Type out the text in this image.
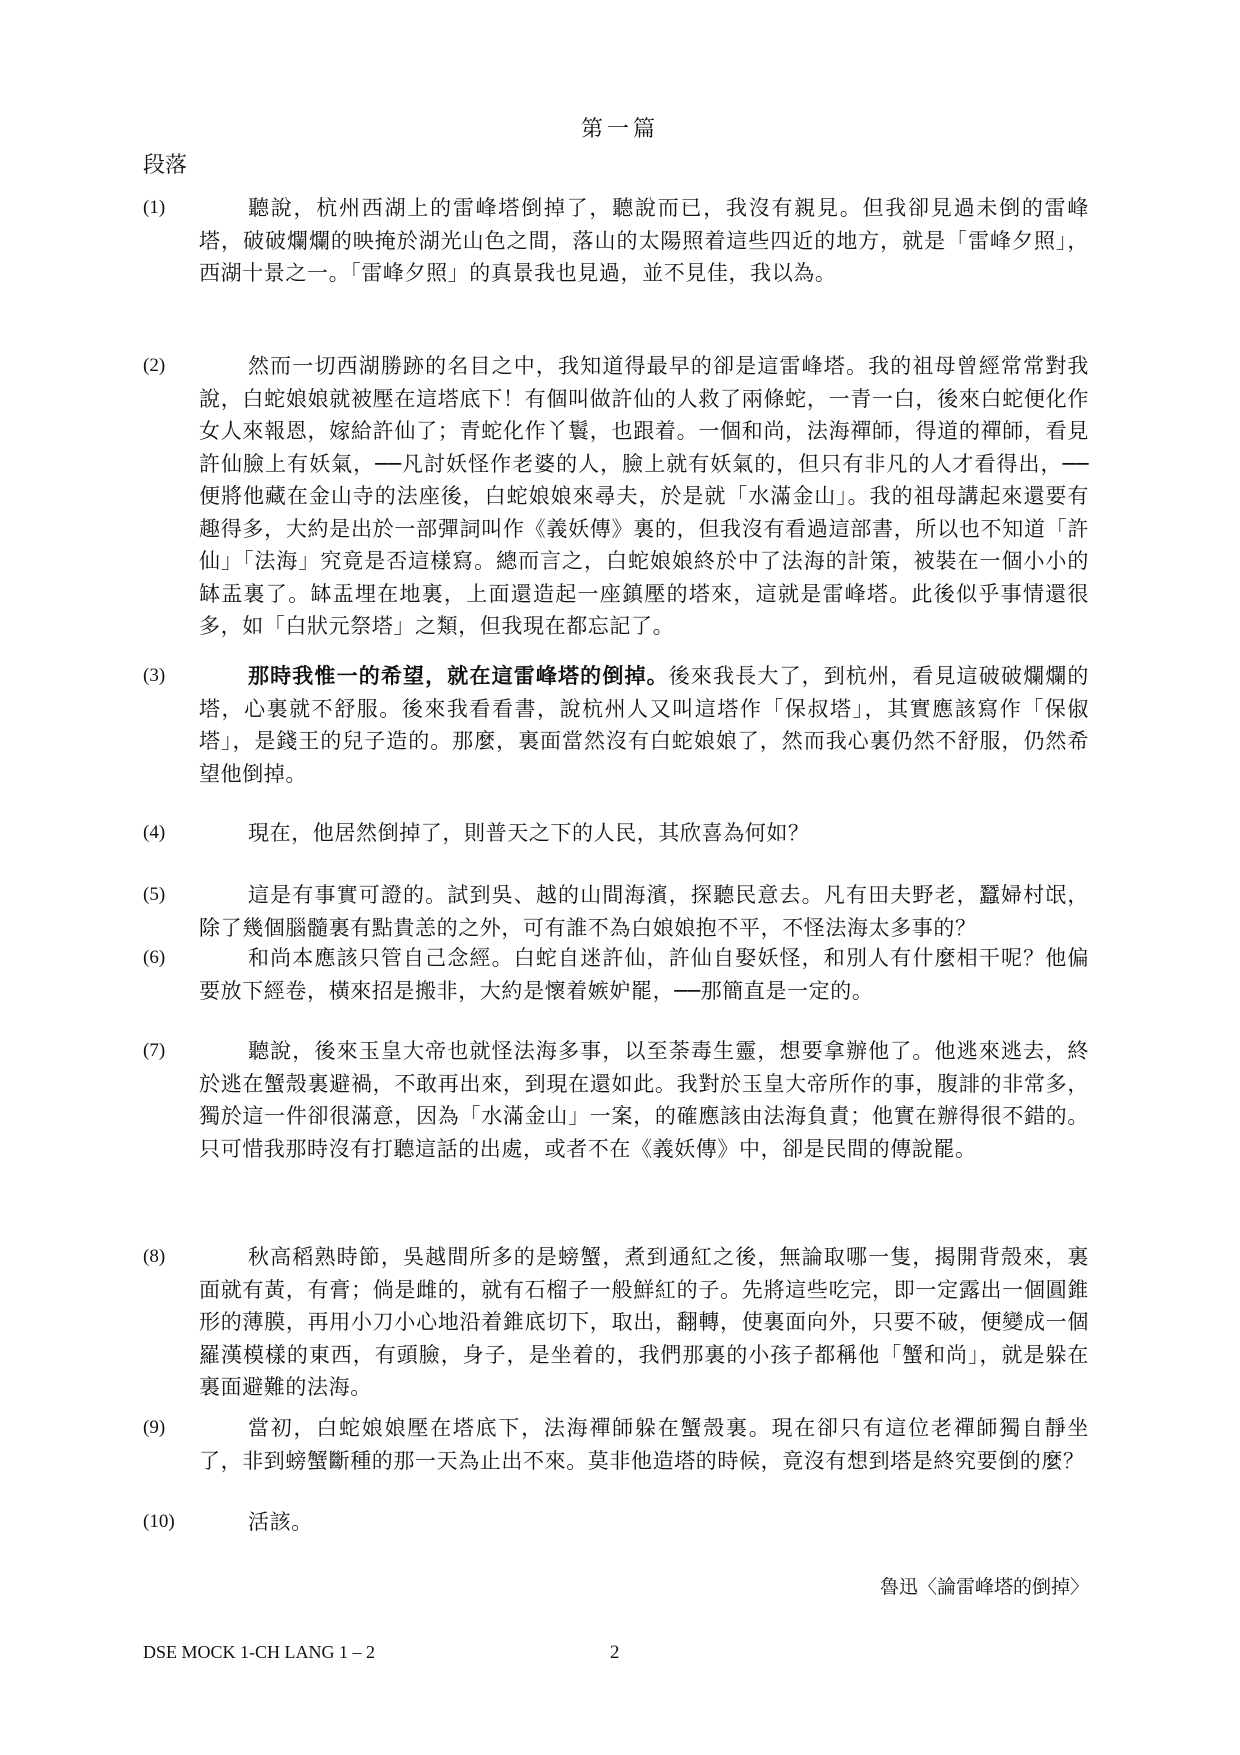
第一篇
段落
(1)	聽說，杭州西湖上的雷峰塔倒掉了，聽說而已，我沒有親見。但我卻見過未倒的雷峰塔，破破爛爛的映掩於湖光山色之間，落山的太陽照着這些四近的地方，就是「雷峰夕照」，西湖十景之一。「雷峰夕照」的真景我也見過，並不見佳，我以為。
(2)	然而一切西湖勝跡的名目之中，我知道得最早的卻是這雷峰塔。我的祖母曾經常常對我說，白蛇娘娘就被壓在這塔底下！有個叫做許仙的人救了兩條蛇，一青一白，後來白蛇便化作女人來報恩，嫁給許仙了；青蛇化作丫鬟，也跟着。一個和尚，法海禪師，得道的禪師，看見許仙臉上有妖氣，──凡討妖怪作老婆的人，臉上就有妖氣的，但只有非凡的人才看得出，──便將他藏在金山寺的法座後，白蛇娘娘來尋夫，於是就「水滿金山」。我的祖母講起來還要有趣得多，大約是出於一部彈詞叫作《義妖傳》裏的，但我沒有看過這部書，所以也不知道「許仙」「法海」究竟是否這樣寫。總而言之，白蛇娘娘終於中了法海的計策，被裝在一個小小的缽盂裏了。缽盂埋在地裏，上面還造起一座鎮壓的塔來，這就是雷峰塔。此後似乎事情還很多，如「白狀元祭塔」之類，但我現在都忘記了。
(3)	那時我惟一的希望，就在這雷峰塔的倒掉。後來我長大了，到杭州，看見這破破爛爛的塔，心裏就不舒服。後來我看看書，說杭州人又叫這塔作「保叔塔」，其實應該寫作「保俶塔」，是錢王的兒子造的。那麼，裏面當然沒有白蛇娘娘了，然而我心裏仍然不舒服，仍然希望他倒掉。
(4)	現在，他居然倒掉了，則普天之下的人民，其欣喜為何如？
(5)	這是有事實可證的。試到吳、越的山間海濱，探聽民意去。凡有田夫野老，蠶婦村氓，除了幾個腦髓裏有點貴恙的之外，可有誰不為白娘娘抱不平，不怪法海太多事的？
(6)	和尚本應該只管自己念經。白蛇自迷許仙，許仙自娶妖怪，和別人有什麼相干呢？他偏要放下經卷，橫來招是搬非，大約是懷着嫉妒罷，──那簡直是一定的。
(7)	聽說，後來玉皇大帝也就怪法海多事，以至荼毒生靈，想要拿辦他了。他逃來逃去，終於逃在蟹殼裏避禍，不敢再出來，到現在還如此。我對於玉皇大帝所作的事，腹誹的非常多，獨於這一件卻很滿意，因為「水滿金山」一案，的確應該由法海負責；他實在辦得很不錯的。只可惜我那時沒有打聽這話的出處，或者不在《義妖傳》中，卻是民間的傳說罷。
(8)	秋高稻熟時節，吳越間所多的是螃蟹，煮到通紅之後，無論取哪一隻，揭開背殼來，裏面就有黃，有膏；倘是雌的，就有石榴子一般鮮紅的子。先將這些吃完，即一定露出一個圓錐形的薄膜，再用小刀小心地沿着錐底切下，取出，翻轉，使裏面向外，只要不破，便變成一個羅漢模樣的東西，有頭臉，身子，是坐着的，我們那裏的小孩子都稱他「蟹和尚」，就是躲在裏面避難的法海。
(9)	當初，白蛇娘娘壓在塔底下，法海禪師躲在蟹殼裏。現在卻只有這位老禪師獨自靜坐了，非到螃蟹斷種的那一天為止出不來。莫非他造塔的時候，竟沒有想到塔是終究要倒的麼？
(10)	活該。
魯迅〈論雷峰塔的倒掉〉
DSE MOCK 1-CH LANG 1 – 2	2
